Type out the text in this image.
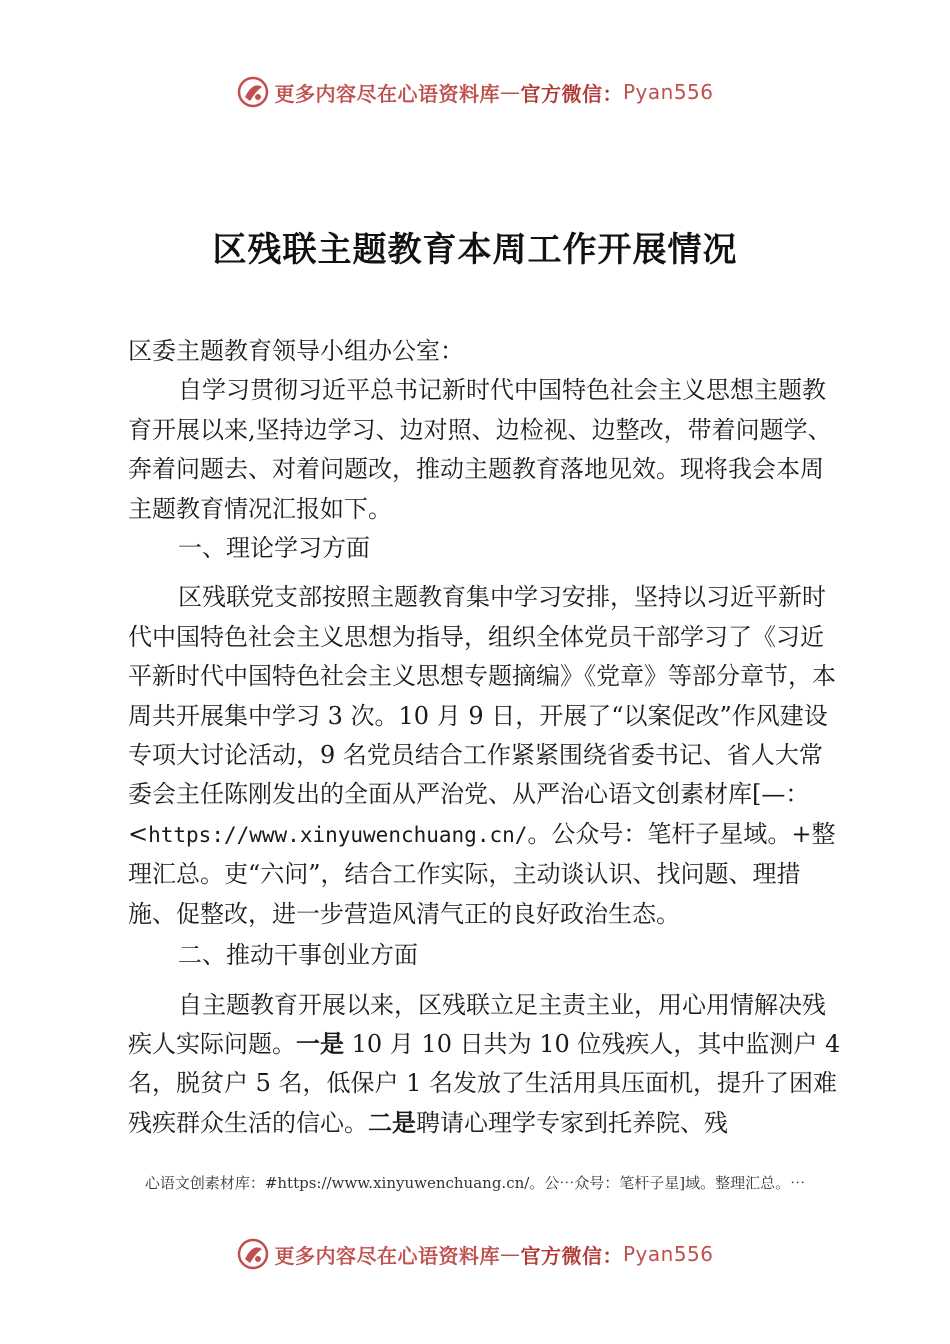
更多内容尽在心语资料库 — 官方微信： Pyan556
区残联主题教育本周工作开展情况

区委主题教育领导小组办公室：

自学习贯彻习近平总书记新时代中国特色社会主义思想主题教育开展以来,坚持边学习、边对照、边检视、边整改，带着问题学、奔着问题去、对着问题改，推动主题教育落地见效。现将我会本周主题教育情况汇报如下。

一、理论学习方面

区残联党支部按照主题教育集中学习安排，坚持以习近平新时代中国特色社会主义思想为指导，组织全体党员干部学习了《习近平新时代中国特色社会主义思想专题摘编》《党章》等部分章节，本周共开展集中学习 3 次。10 月 9 日，开展了“以案促改”作风建设专项大讨论活动，9 名党员结合工作紧紧围绕省委书记、省人大常委会主任陈刚发出的全面从严治党、从严治心语文创素材库[—：<https://www.xinyuwenchuang.cn/。公众号：笔杆子星域。+整理汇总。吏“六问”，结合工作实际，主动谈认识、找问题、理措施、促整改，进一步营造风清气正的良好政治生态。

二、推动干事创业方面

自主题教育开展以来，区残联立足主责主业，用心用情解决残疾人实际问题。一是 10 月 10 日共为 10 位残疾人，其中监测户 4 名，脱贫户 5 名，低保户 1 名发放了生活用具压面机，提升了困难残疾群众生活的信心。二是聘请心理学专家到托养院、残

心语文创素材库：#https://www.xinyuwenchuang.cn/。公⋯众号：笔杆子星]域。整理汇总。⋯
更多内容尽在心语资料库 — 官方微信： Pyan556
